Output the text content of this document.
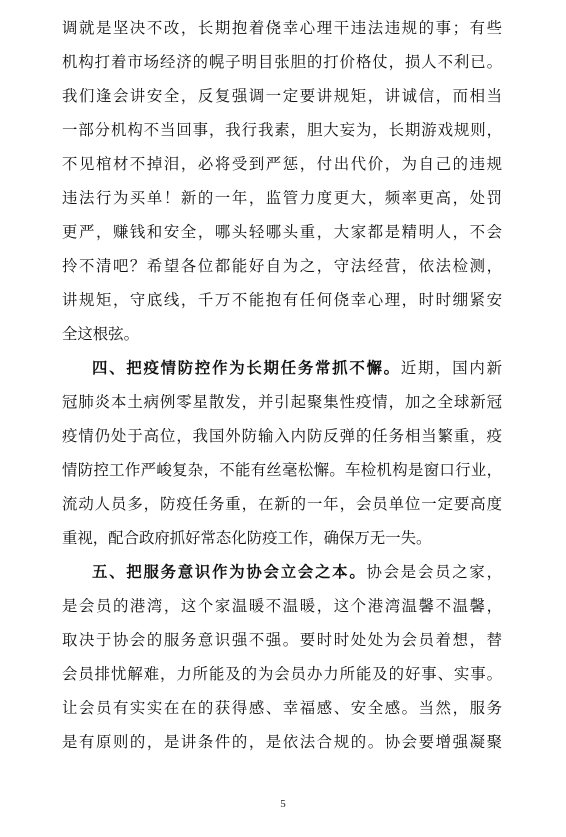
调就是坚决不改，长期抱着侥幸心理干违法违规的事；有些
机构打着市场经济的幌子明目张胆的打价格仗，损人不利已。
我们逢会讲安全，反复强调一定要讲规矩，讲诚信，而相当
一部分机构不当回事，我行我素，胆大妄为，长期游戏规则，
不见棺材不掉泪，必将受到严惩，付出代价，为自己的违规
违法行为买单！新的一年，监管力度更大，频率更高，处罚
更严，赚钱和安全，哪头轻哪头重，大家都是精明人，不会
拎不清吧？希望各位都能好自为之，守法经营，依法检测，
讲规矩，守底线，千万不能抱有任何侥幸心理，时时绷紧安
全这根弦。
四、把疫情防控作为长期任务常抓不懈。近期，国内新
冠肺炎本土病例零星散发，并引起聚集性疫情，加之全球新冠
疫情仍处于高位，我国外防输入内防反弹的任务相当繁重，疫
情防控工作严峻复杂，不能有丝毫松懈。车检机构是窗口行业，
流动人员多，防疫任务重，在新的一年，会员单位一定要高度
重视，配合政府抓好常态化防疫工作，确保万无一失。
五、把服务意识作为协会立会之本。协会是会员之家，
是会员的港湾，这个家温暖不温暖，这个港湾温馨不温馨，
取决于协会的服务意识强不强。要时时处处为会员着想，替
会员排忧解难，力所能及的为会员办力所能及的好事、实事。
让会员有实实在在的获得感、幸福感、安全感。当然，服务
是有原则的，是讲条件的，是依法合规的。协会要增强凝聚
5
